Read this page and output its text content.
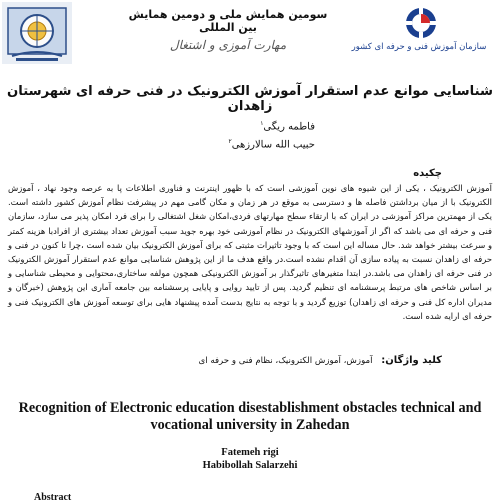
سومین همایش ملی و دومین همایش بین المللی
مهارت آموزی و اشتغال	سازمان آموزش فنی و حرفه ای کشور
شناسایی موانع عدم استقرار آموزش الکترونیک در فنی حرفه ای شهرستان زاهدان
فاطمه ریگی$^۱$
حبیب الله سالارزهی$^۲$
چکیده
آموزش الکترونیک ، یکی از این شیوه های نوین آموزشی است که با ظهور اینترنت و فناوری اطلاعات پا به عرصه وجود نهاد ، آموزش الکترونیک با از میان برداشتن فاصله ها و دسترسی به موقع در هر زمان و مکان گامی مهم در پیشرفت نظام آموزش کشور داشته است. یکی از مهمترین مراکز آموزشی در ایران که با ارتقاء سطح مهارتهای فردی،امکان شغل اشتغالی را برای فرد امکان پذیر می سازد، سازمان فنی و حرفه ای می باشد که اگر از آموزشهای الکترونیک در نظام آموزشی خود بهره جوید سبب آموزش تعداد بیشتری از افرادبا هزینه کمتر و سرعت بیشتر خواهد شد. حال مساله این است که با وجود تاثیرات مثبتی که برای آموزش الکترونیک بیان شده است ،چرا تا کنون در فنی و حرفه ای زاهدان نسبت به پیاده سازی آن اقدام نشده است.در واقع هدف ما از این پژوهش شناسایی موانع عدم استقرار آموزش الکترونیک در فنی حرفه ای زاهدان می باشد.در ابتدا متغیرهای تاثیرگذار بر آموزش الکترونیکی همچون مولفه ساختاری،محتوایی و محیطی شناسایی و بر اساس شاخص های مرتبط پرسشنامه ای تنظیم گردید. پس از تایید روایی و پایایی پرسشنامه بین جامعه آماری این پژوهش (خبرگان و مدیران اداره کل فنی و حرفه ای زاهدان) توزیع گردید و با توجه به نتایج بدست آمده پیشنهاد هایی برای توسعه آموزش های الکترونیک فنی و حرفه ای ارایه شده است.
کلید واژگان: آموزش، آموزش الکترونیک، نظام فنی و حرفه ای
Recognition of Electronic education disestablishment obstacles technical and vocational university in Zahedan
Fatemeh rigi
Habibollah Salarzehi
Abstract
